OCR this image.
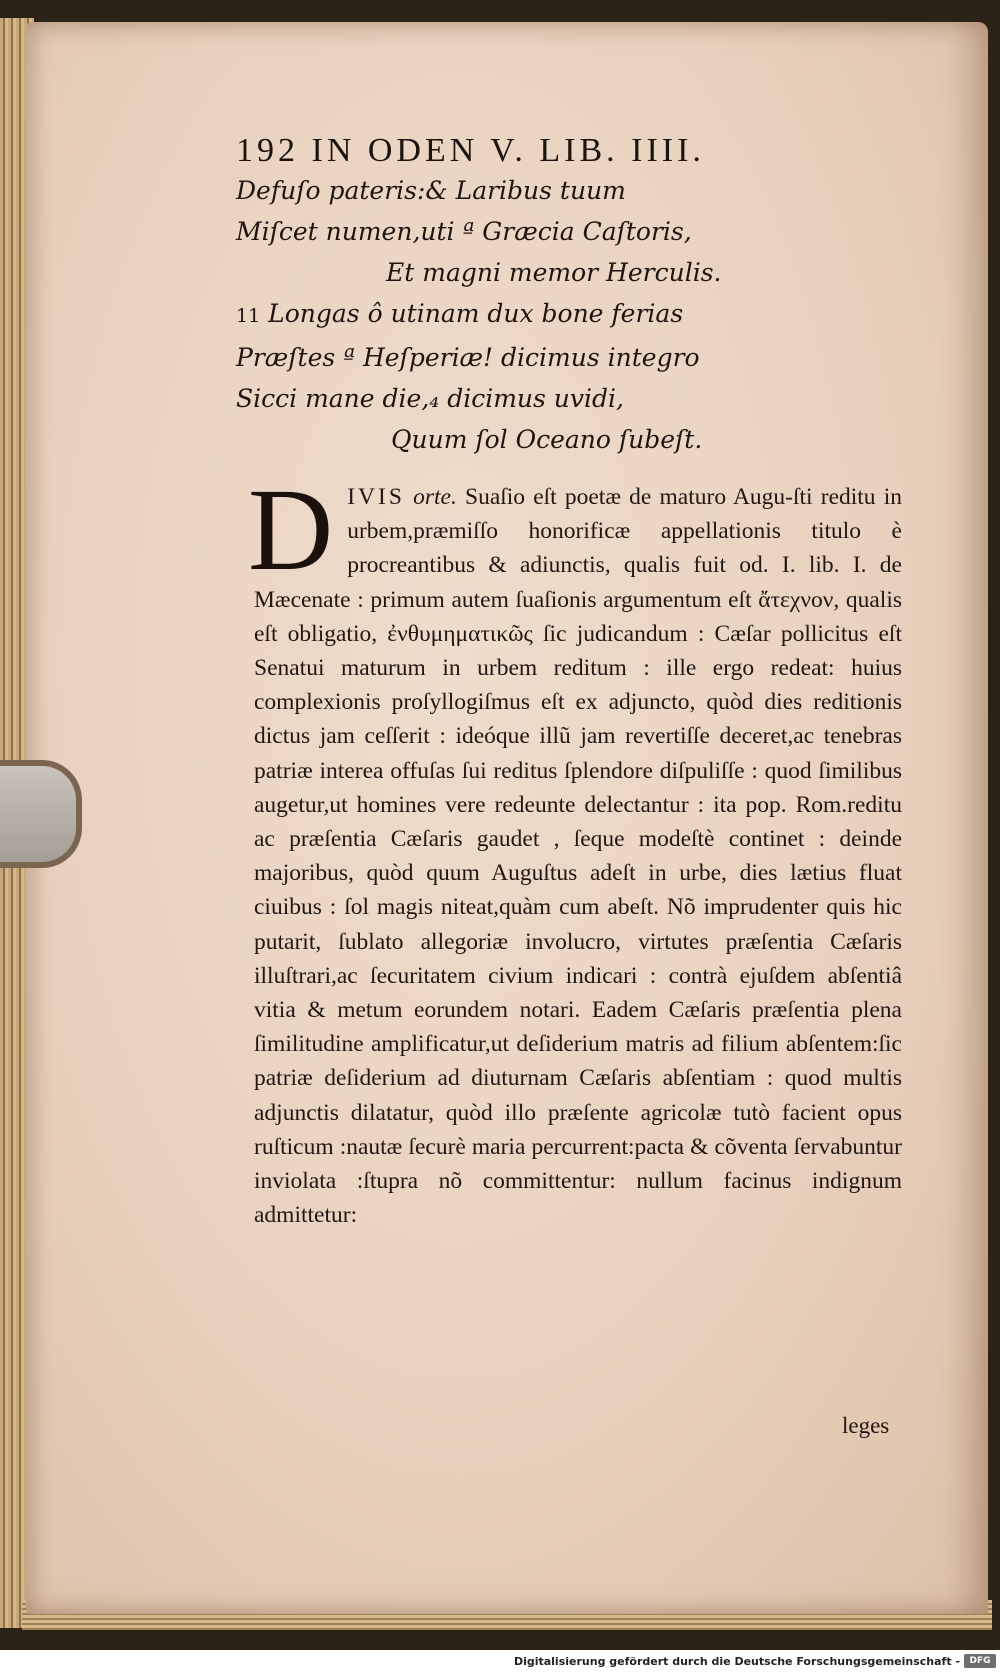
192 IN ODEN V. LIB. IIII.
Defuſo pateris:& Laribus tuum
Miſcet numen,uti ª Græcia Caſtoris,
Et magni memor Herculis.
11 Longas ô utinam dux bone ferias
Præſtes ª Heſperiæ! dicimus integro
Sicci mane die,₄ dicimus uvidi,
Quum ſol Oceano ſubeſt.
D IVIS orte. Suaſio eſt poetæ de maturo Augu-ſti reditu in urbem,præmiſſo honorificæ appellationis titulo è procreantibus & adiunctis, qualis fuit od. I. lib. I. de Mæcenate : primum autem ſuaſionis argumentum eſt ἄτεχνον, qualis eſt obligatio, ἐνθυμηματικῶς ſic judicandum : Cæſar pollicitus eſt Senatui maturum in urbem reditum : ille ergo redeat: huius complexionis proſyllogiſmus eſt ex adjuncto, quòd dies reditionis dictus jam ceſſerit : ideóque illũ jam revertiſſe deceret,ac tenebras patriæ interea offuſas ſui reditus ſplendore diſpuliſſe : quod ſimilibus augetur,ut homines vere redeunte delectantur : ita pop. Rom.reditu ac præſentia Cæſaris gaudet , ſeque modeſtè continet : deinde majoribus, quòd quum Auguſtus adeſt in urbe, dies lætius fluat ciuibus : ſol magis niteat,quàm cum abeſt. Nõ imprudenter quis hic putarit, ſublato allegoriæ involucro, virtutes præſentia Cæſaris illuſtrari,ac ſecuritatem civium indicari : contrà ejuſdem abſentiâ vitia & metum eorundem notari. Eadem Cæſaris præſentia plena ſimilitudine amplificatur,ut deſiderium matris ad filium abſentem:ſic patriæ deſiderium ad diuturnam Cæſaris abſentiam : quod multis adjunctis dilatatur, quòd illo præſente agricolæ tutò facient opus ruſticum :nautæ ſecurè maria percurrent:pacta & cõventa ſervabuntur inviolata :ſtupra nõ committentur: nullum facinus indignum admittetur:
leges
Digitalisierung gefördert durch die Deutsche Forschungsgemeinschaft -	DFG
